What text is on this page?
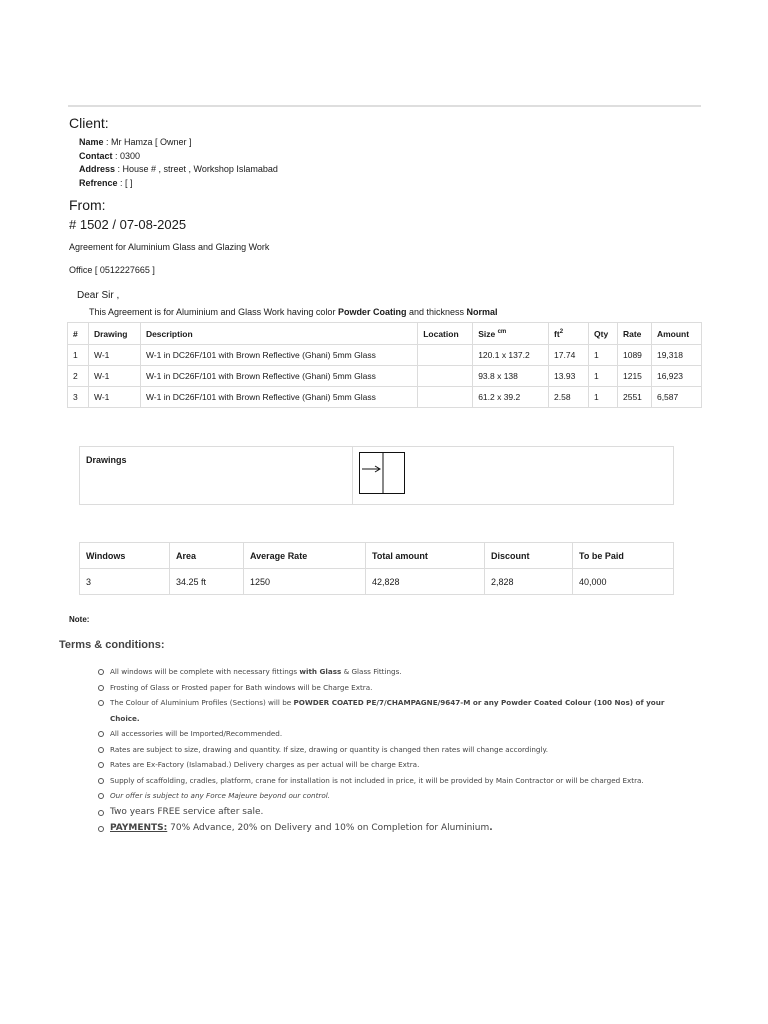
Client:
Name : Mr Hamza [ Owner ]
Contact : 0300
Address : House # , street , Workshop Islamabad
Refrence : [ ]
From:
# 1502 / 07-08-2025
Agreement for Aluminium Glass and Glazing Work
Office [ 0512227665 ]
Dear Sir ,
This Agreement is for Aluminium and Glass Work having color Powder Coating and thickness Normal
#	Drawing	Description	Location	Size $^{cm}$	$ft^2$	Qty	Rate	Amount
1	W-1	W-1 in DC26F/101 with Brown Reflective (Ghani) 5mm Glass		120.1 x 137.2	17.74	1	1089	19,318
2	W-1	W-1 in DC26F/101 with Brown Reflective (Ghani) 5mm Glass		93.8 x 138	13.93	1	1215	16,923
3	W-1	W-1 in DC26F/101 with Brown Reflective (Ghani) 5mm Glass		61.2 x 39.2	2.58	1	2551	6,587
Drawings	
Windows	Area	Average Rate	Total amount	Discount	To be Paid
3	34.25 ft	1250	42,828	2,828	40,000
Note:
Terms & conditions:
All windows will be complete with necessary fittings with Glass & Glass Fittings.
Frosting of Glass or Frosted paper for Bath windows will be Charge Extra.
The Colour of Aluminium Profiles (Sections) will be POWDER COATED PE/7/CHAMPAGNE/9647-M or any Powder Coated Colour (100 Nos) of your Choice.
All accessories will be Imported/Recommended.
Rates are subject to size, drawing and quantity. If size, drawing or quantity is changed then rates will change accordingly.
Rates are Ex-Factory (Islamabad.) Delivery charges as per actual will be charge Extra.
Supply of scaffolding, cradles, platform, crane for installation is not included in price, it will be provided by Main Contractor or will be charged Extra.
Our offer is subject to any Force Majeure beyond our control.
Two years FREE service after sale.
PAYMENTS: 70% Advance, 20% on Delivery and 10% on Completion for Aluminium.
